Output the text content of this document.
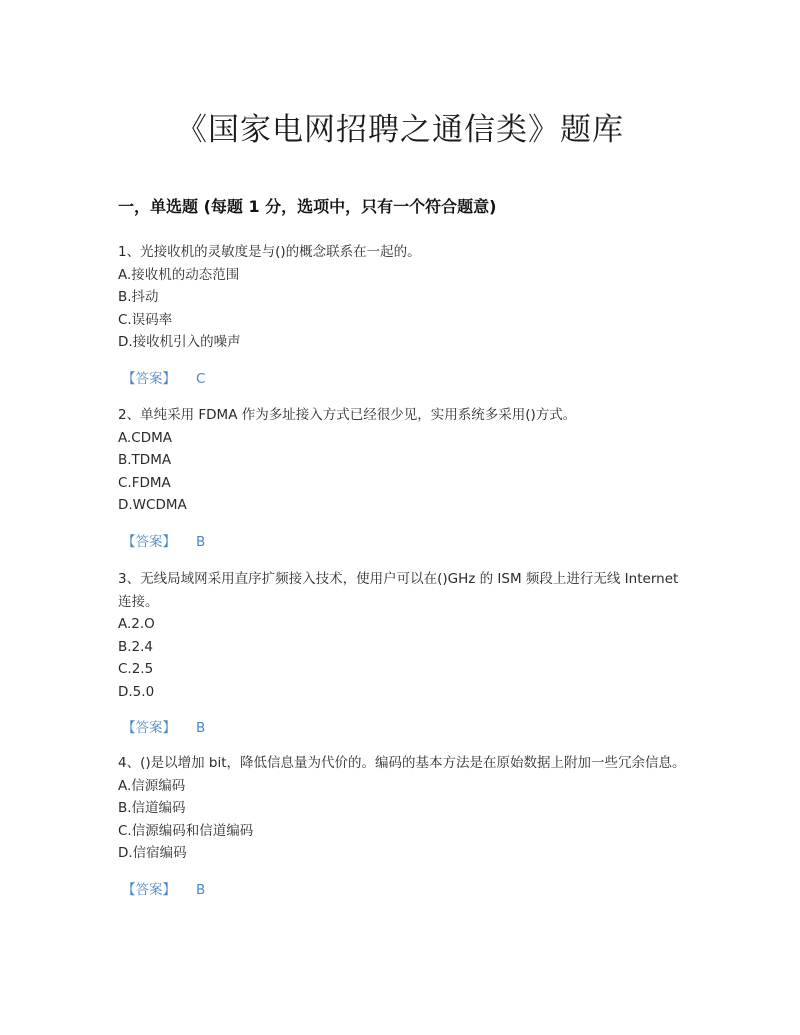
《国家电网招聘之通信类》题库
一，单选题 (每题 1 分，选项中，只有一个符合题意)
1、光接收机的灵敏度是与()的概念联系在一起的。
A.接收机的动态范围
B.抖动
C.误码率
D.接收机引入的噪声
【答案】 C
2、单纯采用 FDMA 作为多址接入方式已经很少见，实用系统多采用()方式。
A.CDMA
B.TDMA
C.FDMA
D.WCDMA
【答案】 B
3、无线局域网采用直序扩频接入技术，使用户可以在()GHz 的 ISM 频段上进行无线 Internet 连接。
A.2.O
B.2.4
C.2.5
D.5.0
【答案】 B
4、()是以增加 bit，降低信息量为代价的。编码的基本方法是在原始数据上附加一些冗余信息。
A.信源编码
B.信道编码
C.信源编码和信道编码
D.信宿编码
【答案】 B
